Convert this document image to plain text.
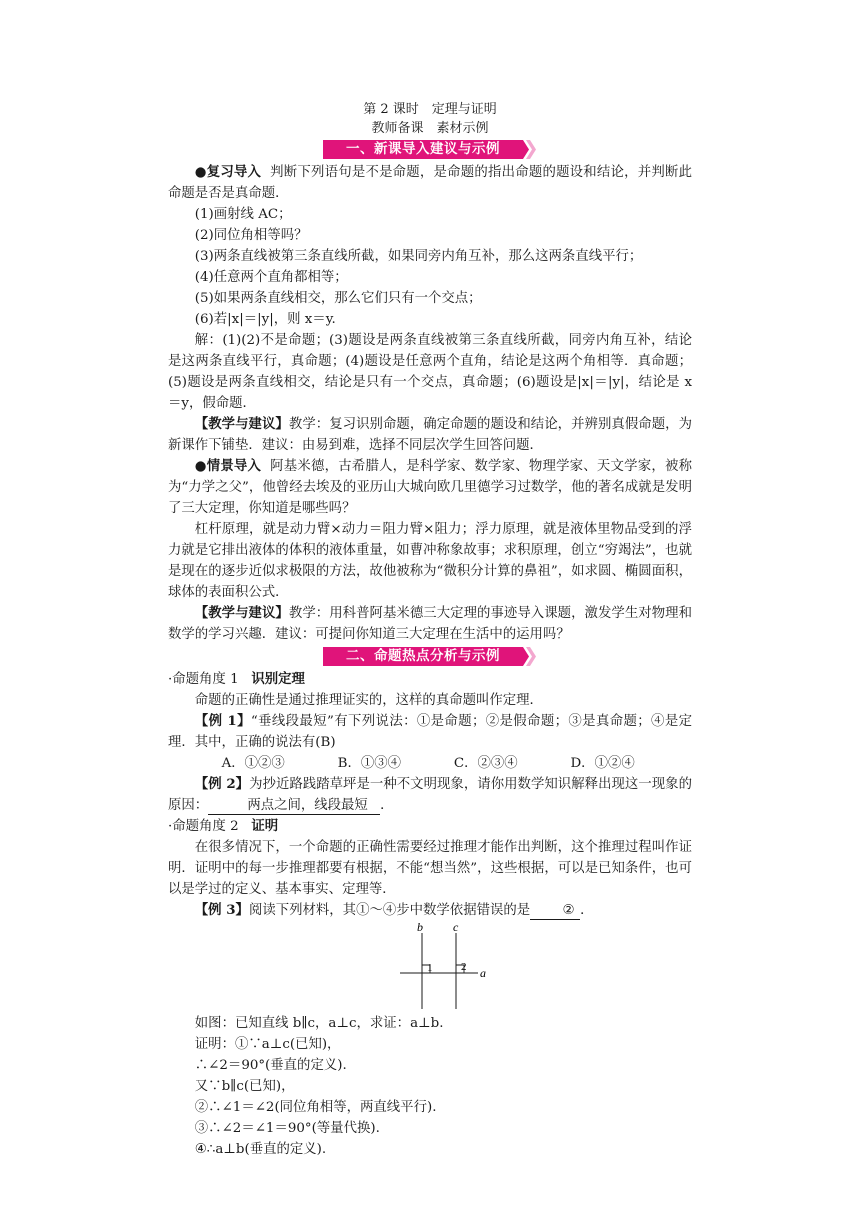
第 2 课时　定理与证明
教师备课　素材示例
一、新课导入建议与示例

●复习导入 判断下列语句是不是命题，是命题的指出命题的题设和结论，并判断此命题是否是真命题．

(1)画射线 AC；

(2)同位角相等吗？

(3)两条直线被第三条直线所截，如果同旁内角互补，那么这两条直线平行；

(4)任意两个直角都相等；

(5)如果两条直线相交，那么它们只有一个交点；

(6)若|x|＝|y|，则 x＝y.

解：(1)(2)不是命题；(3)题设是两条直线被第三条直线所截，同旁内角互补，结论是这两条直线平行，真命题；(4)题设是任意两个直角，结论是这两个角相等．真命题；(5)题设是两条直线相交，结论是只有一个交点，真命题；(6)题设是|x|＝|y|，结论是 x＝y，假命题．

【教学与建议】教学：复习识别命题，确定命题的题设和结论，并辨别真假命题，为新课作下铺垫．建议：由易到难，选择不同层次学生回答问题．

●情景导入 阿基米德，古希腊人，是科学家、数学家、物理学家、天文学家，被称为“力学之父”，他曾经去埃及的亚历山大城向欧几里德学习过数学，他的著名成就是发明了三大定理，你知道是哪些吗？

杠杆原理，就是动力臂×动力＝阻力臂×阻力；浮力原理，就是液体里物品受到的浮力就是它排出液体的体积的液体重量，如曹冲称象故事；求积原理，创立“穷竭法”，也就是现在的逐步近似求极限的方法，故他被称为“微积分计算的鼻祖”，如求圆、椭圆面积，球体的表面积公式．

【教学与建议】教学：用科普阿基米德三大定理的事迹导入课题，激发学生对物理和数学的学习兴趣．建议：可提问你知道三大定理在生活中的运用吗？

二、命题热点分析与示例

·命题角度 1 识别定理

命题的正确性是通过推理证实的，这样的真命题叫作定理．

【例 1】“垂线段最短”有下列说法：①是命题；②是假命题；③是真命题；④是定理．其中，正确的说法有(B)

A．①②③	B．①③④	C．②③④	D．①②④

【例 2】为抄近路践踏草坪是一种不文明现象，请你用数学知识解释出现这一现象的原因：	两点之间，线段最短 ．

·命题角度 2 证明

在很多情况下，一个命题的正确性需要经过推理才能作出判断，这个推理过程叫作证明．证明中的每一步推理都要有根据，不能“想当然”，这些根据，可以是已知条件，也可以是学过的定义、基本事实、定理等．

【例 3】阅读下列材料，其①～④步中数学依据错误的是 ② ．

b	c
a
1	2

如图：已知直线 b∥c，a⊥c，求证：a⊥b.

证明：①∵a⊥c(已知)，

∴∠2＝90°(垂直的定义).

又∵b∥c(已知)，

②∴∠1＝∠2(同位角相等，两直线平行).

③∴∠2＝∠1＝90°(等量代换).

④∴a⊥b(垂直的定义).
